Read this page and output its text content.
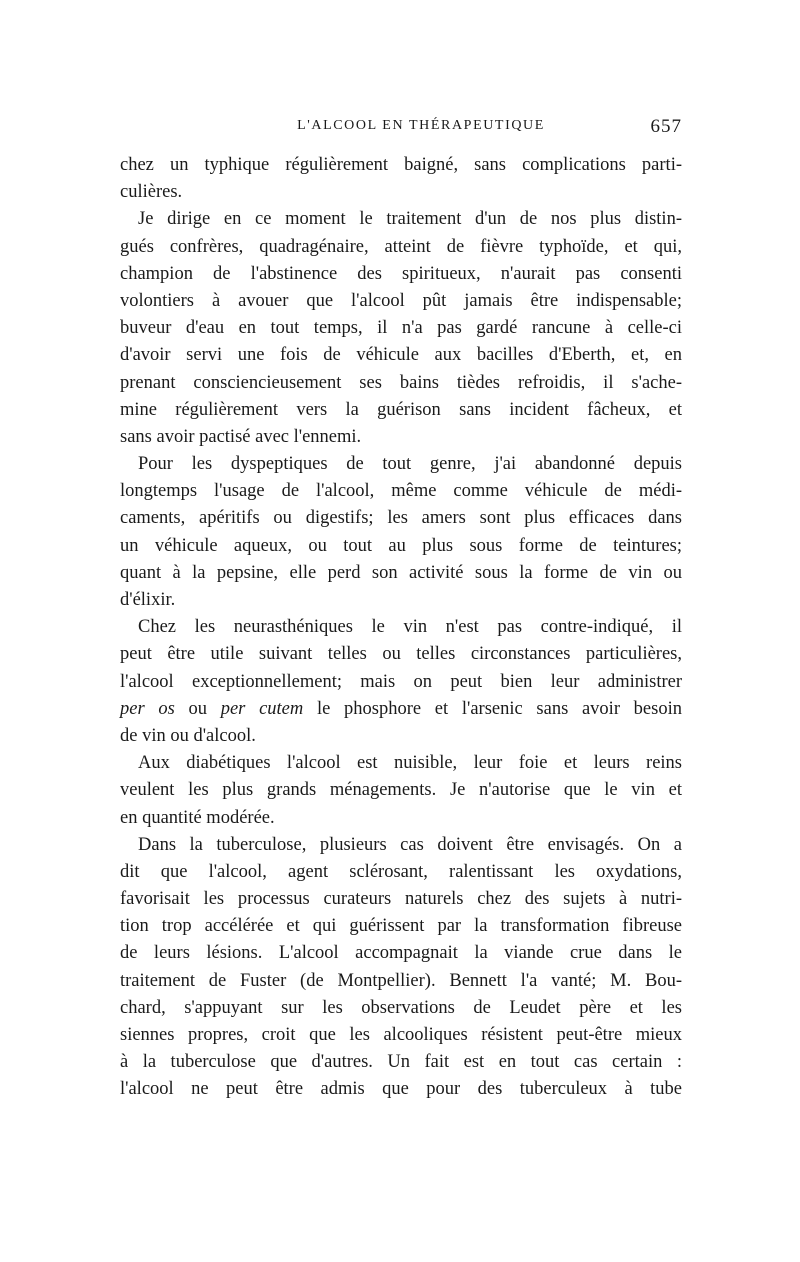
L'ALCOOL EN THÉRAPEUTIQUE	657
chez un typhique régulièrement baigné, sans complications parti-
culières.
Je dirige en ce moment le traitement d'un de nos plus distin-
gués confrères, quadragénaire, atteint de fièvre typhoïde, et qui,
champion de l'abstinence des spiritueux, n'aurait pas consenti
volontiers à avouer que l'alcool pût jamais être indispensable;
buveur d'eau en tout temps, il n'a pas gardé rancune à celle-ci
d'avoir servi une fois de véhicule aux bacilles d'Eberth, et, en
prenant consciencieusement ses bains tièdes refroidis, il s'ache-
mine régulièrement vers la guérison sans incident fâcheux, et
sans avoir pactisé avec l'ennemi.
Pour les dyspeptiques de tout genre, j'ai abandonné depuis
longtemps l'usage de l'alcool, même comme véhicule de médi-
caments, apéritifs ou digestifs; les amers sont plus efficaces dans
un véhicule aqueux, ou tout au plus sous forme de teintures;
quant à la pepsine, elle perd son activité sous la forme de vin ou
d'élixir.
Chez les neurasthéniques le vin n'est pas contre-indiqué, il
peut être utile suivant telles ou telles circonstances particulières,
l'alcool exceptionnellement; mais on peut bien leur administrer
per os ou per cutem le phosphore et l'arsenic sans avoir besoin
de vin ou d'alcool.
Aux diabétiques l'alcool est nuisible, leur foie et leurs reins
veulent les plus grands ménagements. Je n'autorise que le vin et
en quantité modérée.
Dans la tuberculose, plusieurs cas doivent être envisagés. On a
dit que l'alcool, agent sclérosant, ralentissant les oxydations,
favorisait les processus curateurs naturels chez des sujets à nutri-
tion trop accélérée et qui guérissent par la transformation fibreuse
de leurs lésions. L'alcool accompagnait la viande crue dans le
traitement de Fuster (de Montpellier). Bennett l'a vanté; M. Bou-
chard, s'appuyant sur les observations de Leudet père et les
siennes propres, croit que les alcooliques résistent peut-être mieux
à la tuberculose que d'autres. Un fait est en tout cas certain :
l'alcool ne peut être admis que pour des tuberculeux à tube
